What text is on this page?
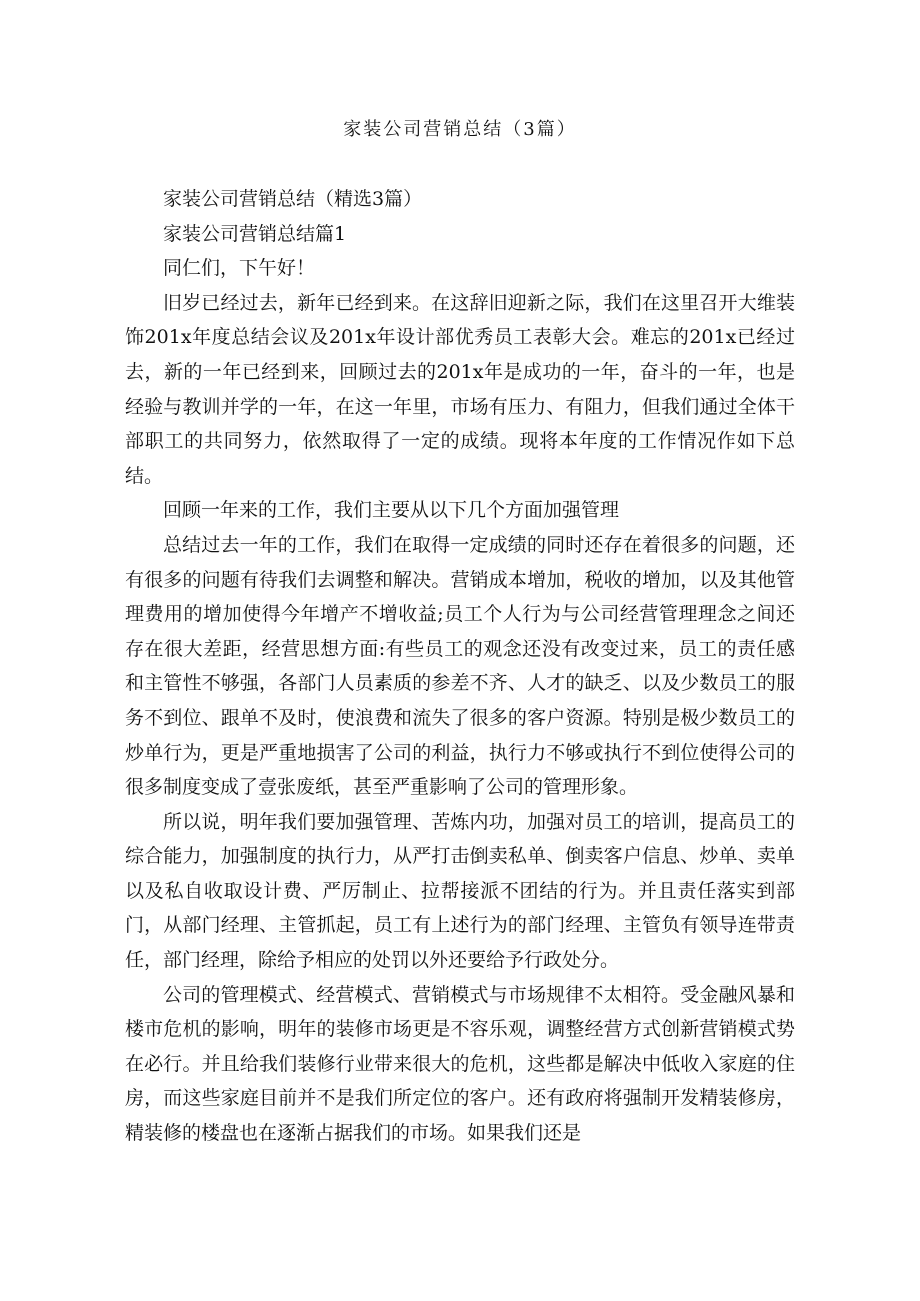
家装公司营销总结（3篇）

家装公司营销总结（精选3篇）

家装公司营销总结篇1

同仁们，下午好！

旧岁已经过去，新年已经到来。在这辞旧迎新之际，我们在这里召开大维装饰201x年度总结会议及201x年设计部优秀员工表彰大会。难忘的201x已经过去，新的一年已经到来，回顾过去的201x年是成功的一年，奋斗的一年，也是经验与教训并学的一年，在这一年里，市场有压力、有阻力，但我们通过全体干部职工的共同努力，依然取得了一定的成绩。现将本年度的工作情况作如下总结。

回顾一年来的工作，我们主要从以下几个方面加强管理

总结过去一年的工作，我们在取得一定成绩的同时还存在着很多的问题，还有很多的问题有待我们去调整和解决。营销成本增加，税收的增加，以及其他管理费用的增加使得今年增产不增收益;员工个人行为与公司经营管理理念之间还存在很大差距，经营思想方面:有些员工的观念还没有改变过来，员工的责任感和主管性不够强，各部门人员素质的参差不齐、人才的缺乏、以及少数员工的服务不到位、跟单不及时，使浪费和流失了很多的客户资源。特别是极少数员工的炒单行为，更是严重地损害了公司的利益，执行力不够或执行不到位使得公司的很多制度变成了壹张废纸，甚至严重影响了公司的管理形象。

所以说，明年我们要加强管理、苦炼内功，加强对员工的培训，提高员工的综合能力，加强制度的执行力，从严打击倒卖私单、倒卖客户信息、炒单、卖单以及私自收取设计费、严厉制止、拉帮接派不团结的行为。并且责任落实到部门，从部门经理、主管抓起，员工有上述行为的部门经理、主管负有领导连带责任，部门经理，除给予相应的处罚以外还要给予行政处分。

公司的管理模式、经营模式、营销模式与市场规律不太相符。受金融风暴和楼市危机的影响，明年的装修市场更是不容乐观，调整经营方式创新营销模式势在必行。并且给我们装修行业带来很大的危机，这些都是解决中低收入家庭的住房，而这些家庭目前并不是我们所定位的客户。还有政府将强制开发精装修房，精装修的楼盘也在逐渐占据我们的市场。如果我们还是
